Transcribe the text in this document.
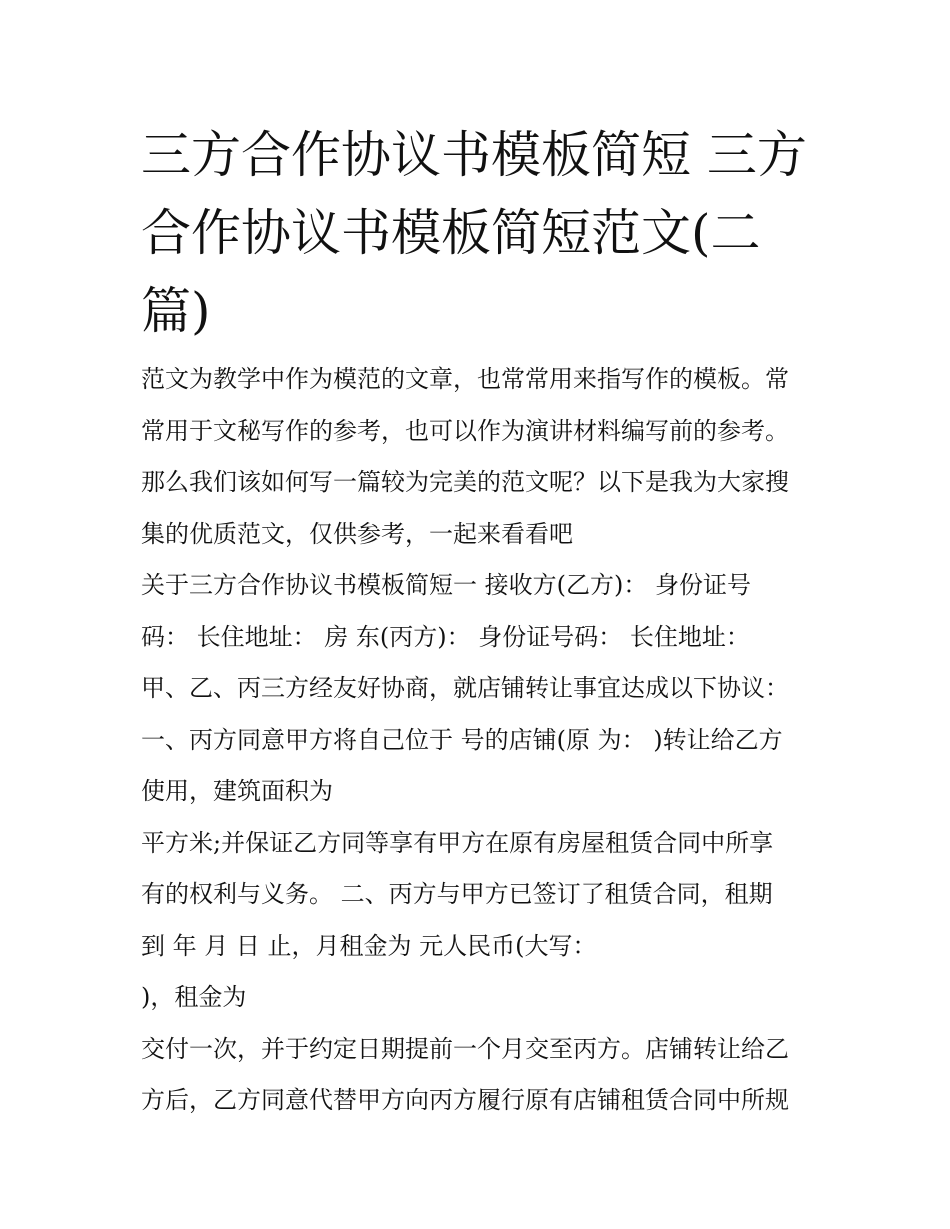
三方合作协议书模板简短 三方
合作协议书模板简短范文(二
篇)
范文为教学中作为模范的文章，也常常用来指写作的模板。常
常用于文秘写作的参考，也可以作为演讲材料编写前的参考。
那么我们该如何写一篇较为完美的范文呢？以下是我为大家搜
集的优质范文，仅供参考，一起来看看吧
关于三方合作协议书模板简短一 接收方(乙方)： 身份证号
码： 长住地址： 房 东(丙方)： 身份证号码： 长住地址：
甲、乙、丙三方经友好协商，就店铺转让事宜达成以下协议：
一、丙方同意甲方将自己位于 号的店铺(原 为： )转让给乙方
使用，建筑面积为
平方米;并保证乙方同等享有甲方在原有房屋租赁合同中所享
有的权利与义务。 二、丙方与甲方已签订了租赁合同，租期
到 年 月 日 止，月租金为 元人民币(大写：
)，租金为
交付一次，并于约定日期提前一个月交至丙方。店铺转让给乙
方后，乙方同意代替甲方向丙方履行原有店铺租赁合同中所规
